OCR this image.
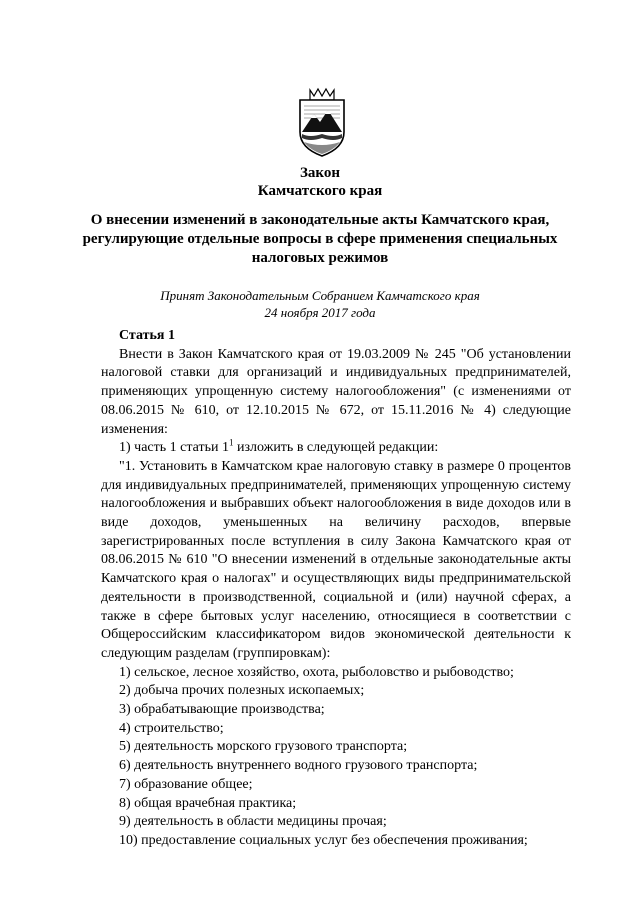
Закон
Камчатского края
О внесении изменений в законодательные акты Камчатского края,
регулирующие отдельные вопросы в сфере применения специальных
налоговых режимов
Принят Законодательным Собранием Камчатского края
24 ноября 2017 года

Статья 1

Внести в Закон Камчатского края от 19.03.2009 № 245 "Об установлении налоговой ставки для организаций и индивидуальных предпринимателей, применяющих упрощенную систему налогообложения" (с изменениями от 08.06.2015 № 610, от 12.10.2015 № 672, от 15.11.2016 № 4) следующие изменения:

1) часть 1 статьи $1^1$ изложить в следующей редакции:

"1. Установить в Камчатском крае налоговую ставку в размере 0 процентов для индивидуальных предпринимателей, применяющих упрощенную систему налогообложения и выбравших объект налогообложения в виде доходов или в виде доходов, уменьшенных на величину расходов, впервые зарегистрированных после вступления в силу Закона Камчатского края от 08.06.2015 № 610 "О внесении изменений в отдельные законодательные акты Камчатского края о налогах" и осуществляющих виды предпринимательской деятельности в производственной, социальной и (или) научной сферах, а также в сфере бытовых услуг населению, относящиеся в соответствии с Общероссийским классификатором видов экономической деятельности к следующим разделам (группировкам):

1) сельское, лесное хозяйство, охота, рыболовство и рыбоводство;

2) добыча прочих полезных ископаемых;

3) обрабатывающие производства;

4) строительство;

5) деятельность морского грузового транспорта;

6) деятельность внутреннего водного грузового транспорта;

7) образование общее;

8) общая врачебная практика;

9) деятельность в области медицины прочая;

10) предоставление социальных услуг без обеспечения проживания;
